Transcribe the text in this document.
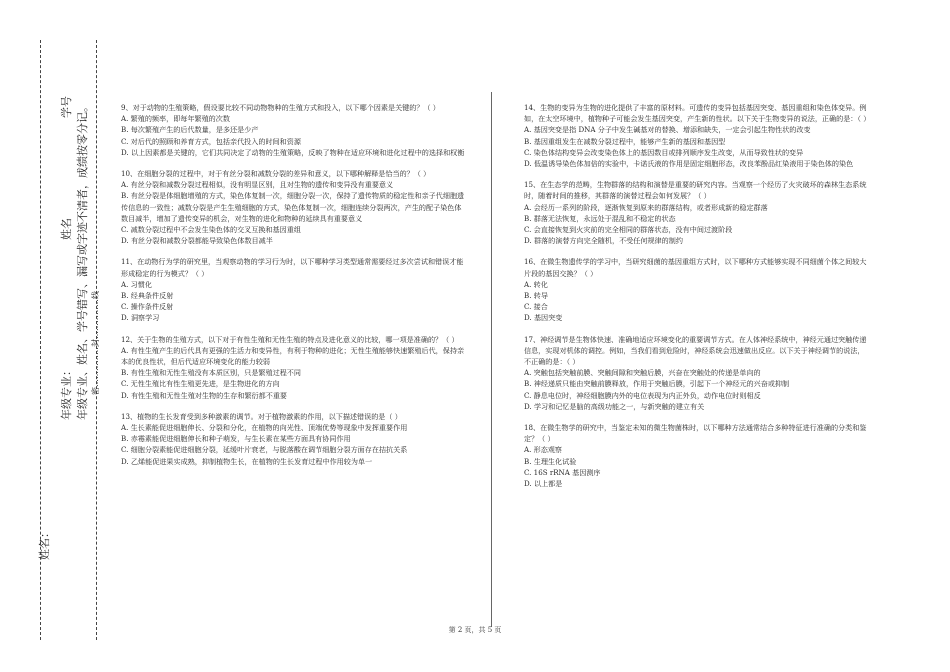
姓名：
年级专业：
姓名
学号 年级专业、姓名、学号错写、漏写或字迹不清者，成绩按零分记。 密……………封……………线

9、对于动物的生殖策略，假设要比较不同动物物种的生殖方式和投入，以下哪个因素是关键的？（ ）

A. 繁殖的频率，即每年繁殖的次数

B. 每次繁殖产生的后代数量，是多还是少产

C. 对后代的照顾和养育方式，包括亲代投入的时间和资源

D. 以上因素都是关键的，它们共同决定了动物的生殖策略，反映了物种在适应环境和进化过程中的选择和权衡

10、在细胞分裂的过程中，对于有丝分裂和减数分裂的差异和意义，以下哪种解释是恰当的？（ ）

A. 有丝分裂和减数分裂过程相似，没有明显区别，且对生物的遗传和变异没有重要意义

B. 有丝分裂是体细胞增殖的方式，染色体复制一次，细胞分裂一次，保持了遗传物质的稳定性和亲子代细胞遗传信息的一致性；减数分裂是产生生殖细胞的方式，染色体复制一次，细胞连续分裂两次，产生的配子染色体数目减半，增加了遗传变异的机会，对生物的进化和物种的延续具有重要意义

C. 减数分裂过程中不会发生染色体的交叉互换和基因重组

D. 有丝分裂和减数分裂都能导致染色体数目减半

11、在动物行为学的研究里，当观察动物的学习行为时，以下哪种学习类型通常需要经过多次尝试和错误才能形成稳定的行为模式？（ ）

A. 习惯化

B. 经典条件反射

C. 操作条件反射

D. 洞察学习

12、关于生物的生殖方式，以下对于有性生殖和无性生殖的特点及进化意义的比较，哪一项是准确的？（ ）

A. 有性生殖产生的后代具有更强的生活力和变异性，有利于物种的进化；无性生殖能够快速繁殖后代，保持亲本的优良性状，但后代适应环境变化的能力较弱

B. 有性生殖和无性生殖没有本质区别，只是繁殖过程不同

C. 无性生殖比有性生殖更先进，是生物进化的方向

D. 有性生殖和无性生殖对生物的生存和繁衍都不重要

13、植物的生长发育受到多种激素的调节。对于植物激素的作用，以下描述错误的是（ ）

A. 生长素能促进细胞伸长、分裂和分化，在植物的向光性、顶端优势等现象中发挥重要作用

B. 赤霉素能促进细胞伸长和种子萌发，与生长素在某些方面具有协同作用

C. 细胞分裂素能促进细胞分裂，延缓叶片衰老，与脱落酸在调节细胞分裂方面存在拮抗关系

D. 乙烯能促进果实成熟，抑制植物生长，在植物的生长发育过程中作用较为单一

14、生物的变异为生物的进化提供了丰富的原材料。可遗传的变异包括基因突变、基因重组和染色体变异。例如，在太空环境中，植物种子可能会发生基因突变，产生新的性状。以下关于生物变异的说法，正确的是：（ ）

A. 基因突变是指 DNA 分子中发生碱基对的替换、增添和缺失，一定会引起生物性状的改变

B. 基因重组发生在减数分裂过程中，能够产生新的基因和基因型

C. 染色体结构变异会改变染色体上的基因数目或排列顺序发生改变，从而导致性状的变异

D. 低温诱导染色体加倍的实验中，卡诺氏液的作用是固定细胞形态，改良苯酚品红染液用于染色体的染色

15、在生态学的范畴，生物群落的结构和演替是重要的研究内容。当观察一个经历了火灾破坏的森林生态系统时，随着时间的推移，其群落的演替过程会如何发展？（ ）

A. 会经历一系列的阶段，逐渐恢复到原来的群落结构，或者形成新的稳定群落

B. 群落无法恢复，永远处于混乱和不稳定的状态

C. 会直接恢复到火灾前的完全相同的群落状态，没有中间过渡阶段

D. 群落的演替方向完全随机，不受任何规律的制约

16、在微生物遗传学的学习中，当研究细菌的基因重组方式时，以下哪种方式能够实现不同细菌个体之间较大片段的基因交换？（ ）

A. 转化

B. 转导

C. 接合

D. 基因突变

17、神经调节是生物体快速、准确地适应环境变化的重要调节方式。在人体神经系统中，神经元通过突触传递信息，实现对机体的调控。例如，当我们看到危险时，神经系统会迅速做出反应。以下关于神经调节的说法，不正确的是：（ ）

A. 突触包括突触前膜、突触间隙和突触后膜，兴奋在突触处的传递是单向的

B. 神经递质只能由突触前膜释放，作用于突触后膜，引起下一个神经元的兴奋或抑制

C. 静息电位时，神经细胞膜内外的电位表现为内正外负，动作电位时则相反

D. 学习和记忆是脑的高级功能之一，与新突触的建立有关

18、在微生物学的研究中，当鉴定未知的微生物菌株时，以下哪种方法通常结合多种特征进行准确的分类和鉴定？（ ）

A. 形态观察

B. 生理生化试验

C. 16S rRNA 基因测序

D. 以上都是

第 2 页，共 5 页
